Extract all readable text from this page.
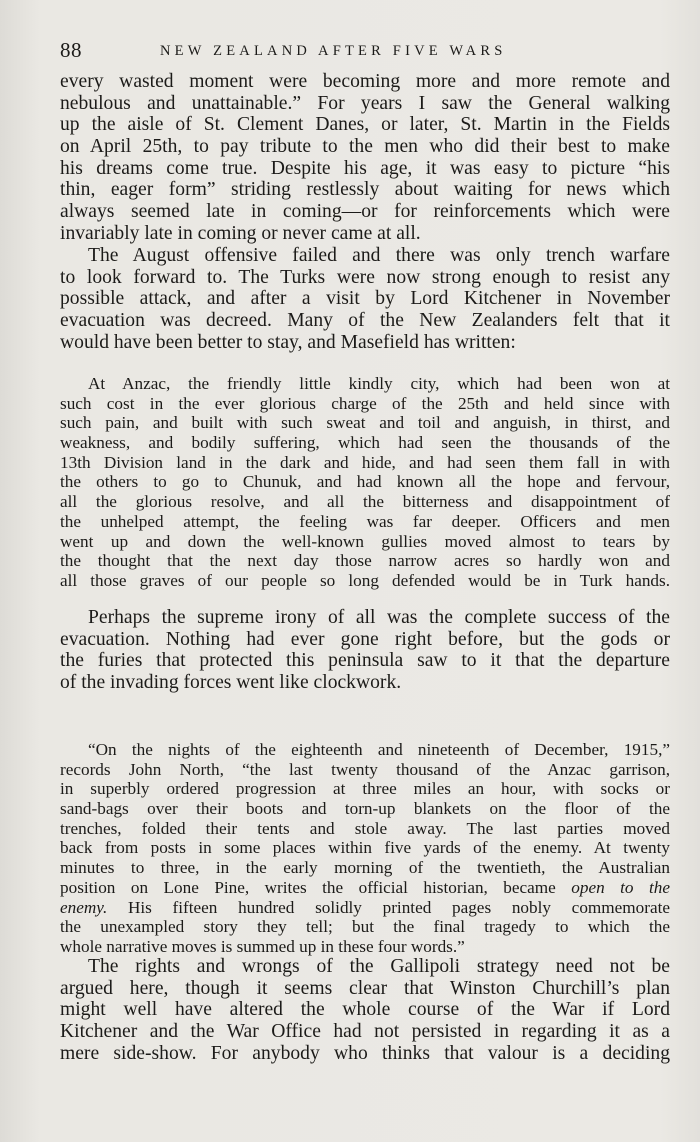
88	NEW ZEALAND AFTER FIVE WARS
every wasted moment were becoming more and more remote and
nebulous and unattainable.” For years I saw the General walking
up the aisle of St. Clement Danes, or later, St. Martin in the Fields
on April 25th, to pay tribute to the men who did their best to make
his dreams come true. Despite his age, it was easy to picture “his
thin, eager form” striding restlessly about waiting for news which
always seemed late in coming—or for reinforcements which were
invariably late in coming or never came at all.
The August offensive failed and there was only trench warfare
to look forward to. The Turks were now strong enough to resist any
possible attack, and after a visit by Lord Kitchener in November
evacuation was decreed. Many of the New Zealanders felt that it
would have been better to stay, and Masefield has written:
At Anzac, the friendly little kindly city, which had been won at
such cost in the ever glorious charge of the 25th and held since with
such pain, and built with such sweat and toil and anguish, in thirst, and
weakness, and bodily suffering, which had seen the thousands of the
13th Division land in the dark and hide, and had seen them fall in with
the others to go to Chunuk, and had known all the hope and fervour,
all the glorious resolve, and all the bitterness and disappointment of
the unhelped attempt, the feeling was far deeper. Officers and men
went up and down the well-known gullies moved almost to tears by
the thought that the next day those narrow acres so hardly won and
all those graves of our people so long defended would be in Turk hands.
Perhaps the supreme irony of all was the complete success of the
evacuation. Nothing had ever gone right before, but the gods or
the furies that protected this peninsula saw to it that the departure
of the invading forces went like clockwork.
“On the nights of the eighteenth and nineteenth of December, 1915,”
records John North, “the last twenty thousand of the Anzac garrison,
in superbly ordered progression at three miles an hour, with socks or
sand-bags over their boots and torn-up blankets on the floor of the
trenches, folded their tents and stole away. The last parties moved
back from posts in some places within five yards of the enemy. At twenty
minutes to three, in the early morning of the twentieth, the Australian
position on Lone Pine, writes the official historian, became open to the
enemy. His fifteen hundred solidly printed pages nobly commemorate
the unexampled story they tell; but the final tragedy to which the
whole narrative moves is summed up in these four words.”
The rights and wrongs of the Gallipoli strategy need not be
argued here, though it seems clear that Winston Churchill’s plan
might well have altered the whole course of the War if Lord
Kitchener and the War Office had not persisted in regarding it as a
mere side-show. For anybody who thinks that valour is a deciding
